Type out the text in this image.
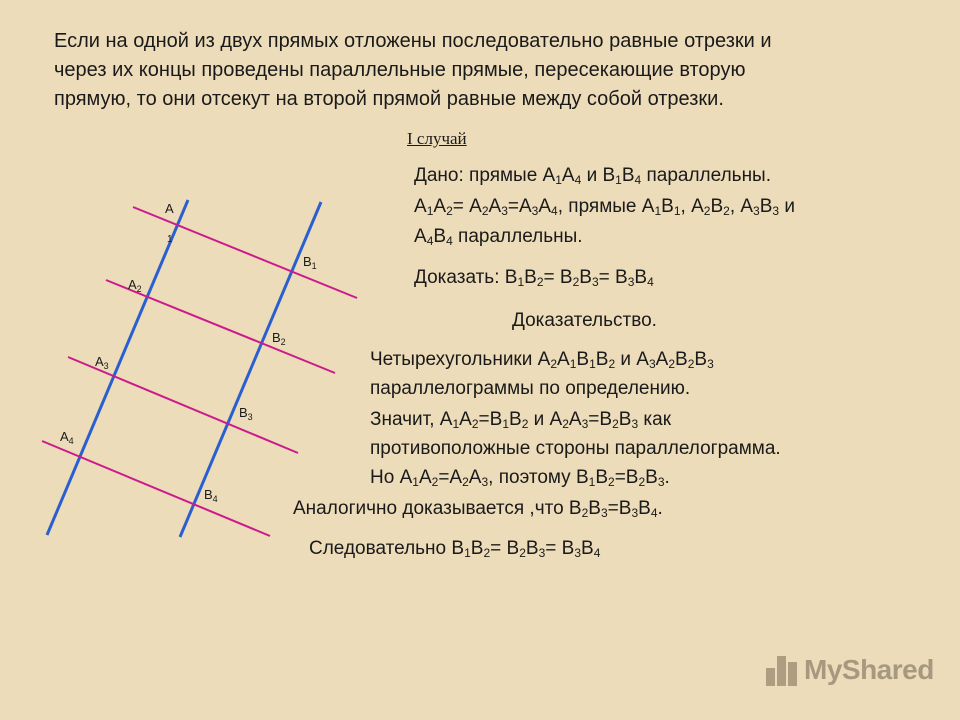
Если на одной из двух прямых отложены последовательно равные отрезки и
через их концы проведены параллельные прямые, пересекающие вторую
прямую, то они отсекут на второй прямой равные между собой отрезки.
I случай
A
1
$A_2$
$A_3$
$A_4$
$B_1$
$B_2$
$B_3$
$B_4$
Дано: прямые $А_1А_4$ и $В_1В_4$ параллельны.
$А_1А_2= А_2А_3=А_3А_4$, прямые $А_1В_1$, $А_2В_2$, $А_3В_3$ и
$А_4В_4$ параллельны.
Доказать: $В_1В_2= В_2В_3= В_3В_4$
Доказательство.
Четырехугольники $А_2А_1В_1В_2$ и $А_3А_2В_2В_3$
параллелограммы по определению.
Значит, $А_1А_2=В_1В_2$ и $А_2А_3=В_2В_3$ как
противоположные стороны параллелограмма.
Но $А_1А_2=А_2А_3$, поэтому $В_1В_2=В_2В_3$.
Аналогично доказывается ,что $В_2В_3=В_3В_4$.
Следовательно $В_1В_2= В_2В_3= В_3В_4$
MyShared
